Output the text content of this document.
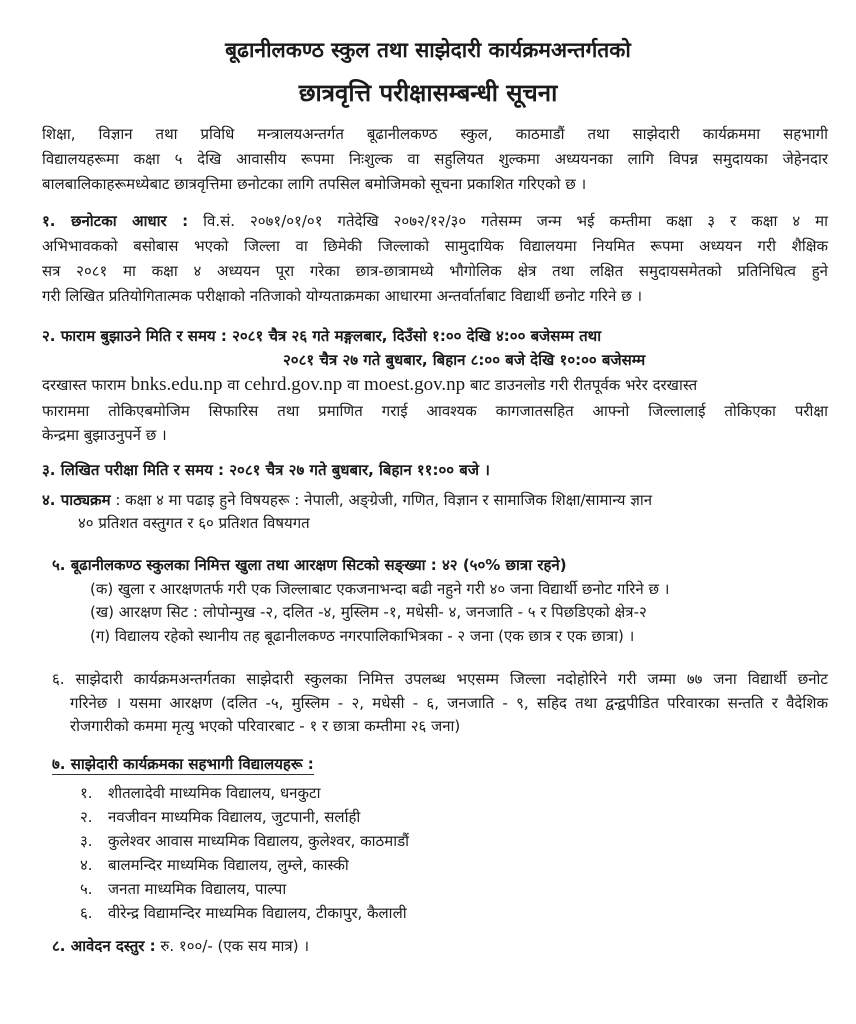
बूढानीलकण्ठ स्कुल तथा साझेदारी कार्यक्रमअन्तर्गतको
छात्रवृत्ति परीक्षासम्बन्धी सूचना
शिक्षा, विज्ञान तथा प्रविधि मन्त्रालयअन्तर्गत बूढानीलकण्ठ स्कुल, काठमाडौं तथा साझेदारी कार्यक्रममा सहभागी
विद्यालयहरूमा कक्षा ५ देखि आवासीय रूपमा निःशुल्क वा सहुलियत शुल्कमा अध्ययनका लागि विपन्न समुदायका जेहेनदार
बालबालिकाहरूमध्येबाट छात्रवृत्तिमा छनोटका लागि तपसिल बमोजिमको सूचना प्रकाशित गरिएको छ ।
१. छनोटका आधार : वि.सं. २०७१/०१/०१ गतेदेखि २०७२/१२/३० गतेसम्म जन्म भई कम्तीमा कक्षा ३ र कक्षा ४ मा
अभिभावकको बसोबास भएको जिल्ला वा छिमेकी जिल्लाको सामुदायिक विद्यालयमा नियमित रूपमा अध्ययन गरी शैक्षिक
सत्र २०८१ मा कक्षा ४ अध्ययन पूरा गरेका छात्र-छात्रामध्ये भौगोलिक क्षेत्र तथा लक्षित समुदायसमेतको प्रतिनिधित्व हुने
गरी लिखित प्रतियोगितात्मक परीक्षाको नतिजाको योग्यताक्रमका आधारमा अन्तर्वार्ताबाट विद्यार्थी छनोट गरिने छ ।
२. फाराम बुझाउने मिति र समय : २०८१ चैत्र २६ गते मङ्गलबार, दिउँसो १:०० देखि ४:०० बजेसम्म तथा
२०८१ चैत्र २७ गते बुधबार, बिहान ८:०० बजे देखि १०:०० बजेसम्म
दरखास्त फाराम bnks.edu.np वा cehrd.gov.np वा moest.gov.np बाट डाउनलोड गरी रीतपूर्वक भरेर दरखास्त
फाराममा तोकिएबमोजिम सिफारिस तथा प्रमाणित गराई आवश्यक कागजातसहित आफ्नो जिल्लालाई तोकिएका परीक्षा
केन्द्रमा बुझाउनुपर्ने छ ।
३. लिखित परीक्षा मिति र समय : २०८१ चैत्र २७ गते बुधबार, बिहान ११:०० बजे ।
४. पाठ्यक्रम : कक्षा ४ मा पढाइ हुने विषयहरू : नेपाली, अङ्ग्रेजी, गणित, विज्ञान र सामाजिक शिक्षा/सामान्य ज्ञान
४० प्रतिशत वस्तुगत र ६० प्रतिशत विषयगत
५. बूढानीलकण्ठ स्कुलका निमित्त खुला तथा आरक्षण सिटको सङ्ख्या : ४२ (५०% छात्रा रहने)
(क) खुला र आरक्षणतर्फ गरी एक जिल्लाबाट एकजनाभन्दा बढी नहुने गरी ४० जना विद्यार्थी छनोट गरिने छ ।
(ख) आरक्षण सिट : लोपोन्मुख -२, दलित -४, मुस्लिम -१, मधेसी- ४, जनजाति - ५ र पिछडिएको क्षेत्र-२
(ग) विद्यालय रहेको स्थानीय तह बूढानीलकण्ठ नगरपालिकाभित्रका - २ जना (एक छात्र र एक छात्रा) ।
६. साझेदारी कार्यक्रमअन्तर्गतका साझेदारी स्कुलका निमित्त उपलब्ध भएसम्म जिल्ला नदोहोरिने गरी जम्मा ७७ जना विद्यार्थी छनोट
गरिनेछ । यसमा आरक्षण (दलित -५, मुस्लिम - २, मधेसी - ६, जनजाति - ९, सहिद तथा द्वन्द्वपीडित परिवारका सन्तति र वैदेशिक
रोजगारीको कममा मृत्यु भएको परिवारबाट - १ र छात्रा कम्तीमा २६ जना)
७. साझेदारी कार्यक्रमका सहभागी विद्यालयहरू :
१. शीतलादेवी माध्यमिक विद्यालय, धनकुटा
२. नवजीवन माध्यमिक विद्यालय, जुटपानी, सर्लाही
३. कुलेश्वर आवास माध्यमिक विद्यालय, कुलेश्वर, काठमाडौं
४. बालमन्दिर माध्यमिक विद्यालय, लुम्ले, कास्की
५. जनता माध्यमिक विद्यालय, पाल्पा
६. वीरेन्द्र विद्यामन्दिर माध्यमिक विद्यालय, टीकापुर, कैलाली
८. आवेदन दस्तुर : रु. १००/- (एक सय मात्र) ।
